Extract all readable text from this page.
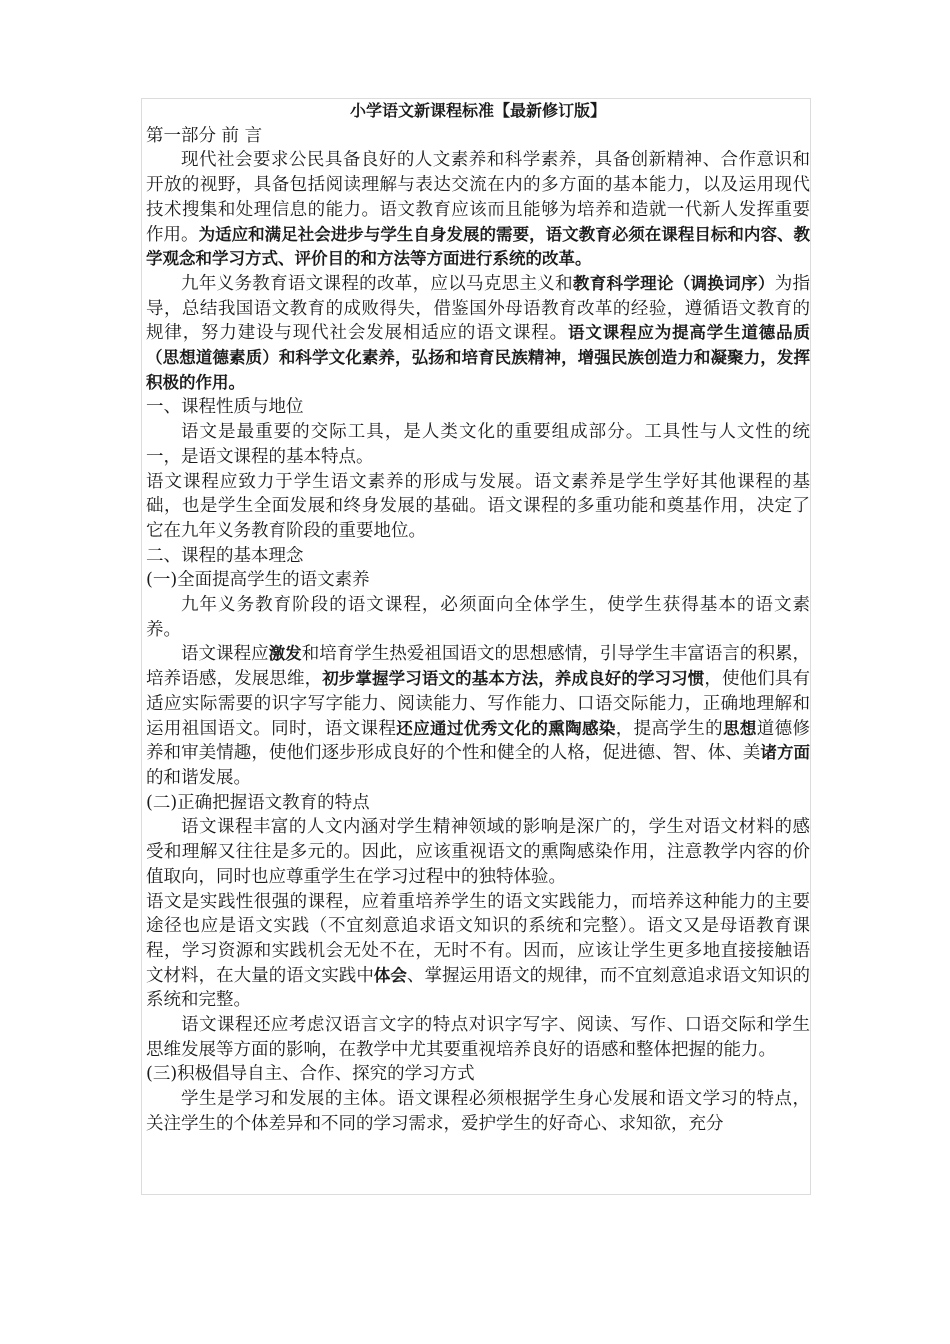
小学语文新课程标准【最新修订版】

第一部分 前 言

现代社会要求公民具备良好的人文素养和科学素养，具备创新精神、合作意识和开放的视野，具备包括阅读理解与表达交流在内的多方面的基本能力，以及运用现代技术搜集和处理信息的能力。语文教育应该而且能够为培养和造就一代新人发挥重要作用。为适应和满足社会进步与学生自身发展的需要，语文教育必须在课程目标和内容、教学观念和学习方式、评价目的和方法等方面进行系统的改革。

九年义务教育语文课程的改革，应以马克思主义和教育科学理论（调换词序）为指导，总结我国语文教育的成败得失，借鉴国外母语教育改革的经验，遵循语文教育的规律，努力建设与现代社会发展相适应的语文课程。语文课程应为提高学生道德品质（思想道德素质）和科学文化素养，弘扬和培育民族精神，增强民族创造力和凝聚力，发挥积极的作用。

一、课程性质与地位

语文是最重要的交际工具，是人类文化的重要组成部分。工具性与人文性的统一，是语文课程的基本特点。

语文课程应致力于学生语文素养的形成与发展。语文素养是学生学好其他课程的基础，也是学生全面发展和终身发展的基础。语文课程的多重功能和奠基作用，决定了它在九年义务教育阶段的重要地位。

二、课程的基本理念

(一)全面提高学生的语文素养

九年义务教育阶段的语文课程，必须面向全体学生，使学生获得基本的语文素养。

语文课程应激发和培育学生热爱祖国语文的思想感情，引导学生丰富语言的积累，培养语感，发展思维，初步掌握学习语文的基本方法，养成良好的学习习惯，使他们具有适应实际需要的识字写字能力、阅读能力、写作能力、口语交际能力，正确地理解和运用祖国语文。同时，语文课程还应通过优秀文化的熏陶感染，提高学生的思想道德修养和审美情趣，使他们逐步形成良好的个性和健全的人格，促进德、智、体、美诸方面的和谐发展。

(二)正确把握语文教育的特点

语文课程丰富的人文内涵对学生精神领域的影响是深广的，学生对语文材料的感受和理解又往往是多元的。因此，应该重视语文的熏陶感染作用，注意教学内容的价值取向，同时也应尊重学生在学习过程中的独特体验。

语文是实践性很强的课程，应着重培养学生的语文实践能力，而培养这种能力的主要途径也应是语文实践（不宜刻意追求语文知识的系统和完整）。语文又是母语教育课程，学习资源和实践机会无处不在，无时不有。因而，应该让学生更多地直接接触语文材料，在大量的语文实践中体会、掌握运用语文的规律，而不宜刻意追求语文知识的系统和完整。

语文课程还应考虑汉语言文字的特点对识字写字、阅读、写作、口语交际和学生思维发展等方面的影响，在教学中尤其要重视培养良好的语感和整体把握的能力。

(三)积极倡导自主、合作、探究的学习方式

学生是学习和发展的主体。语文课程必须根据学生身心发展和语文学习的特点，关注学生的个体差异和不同的学习需求，爱护学生的好奇心、求知欲，充分
